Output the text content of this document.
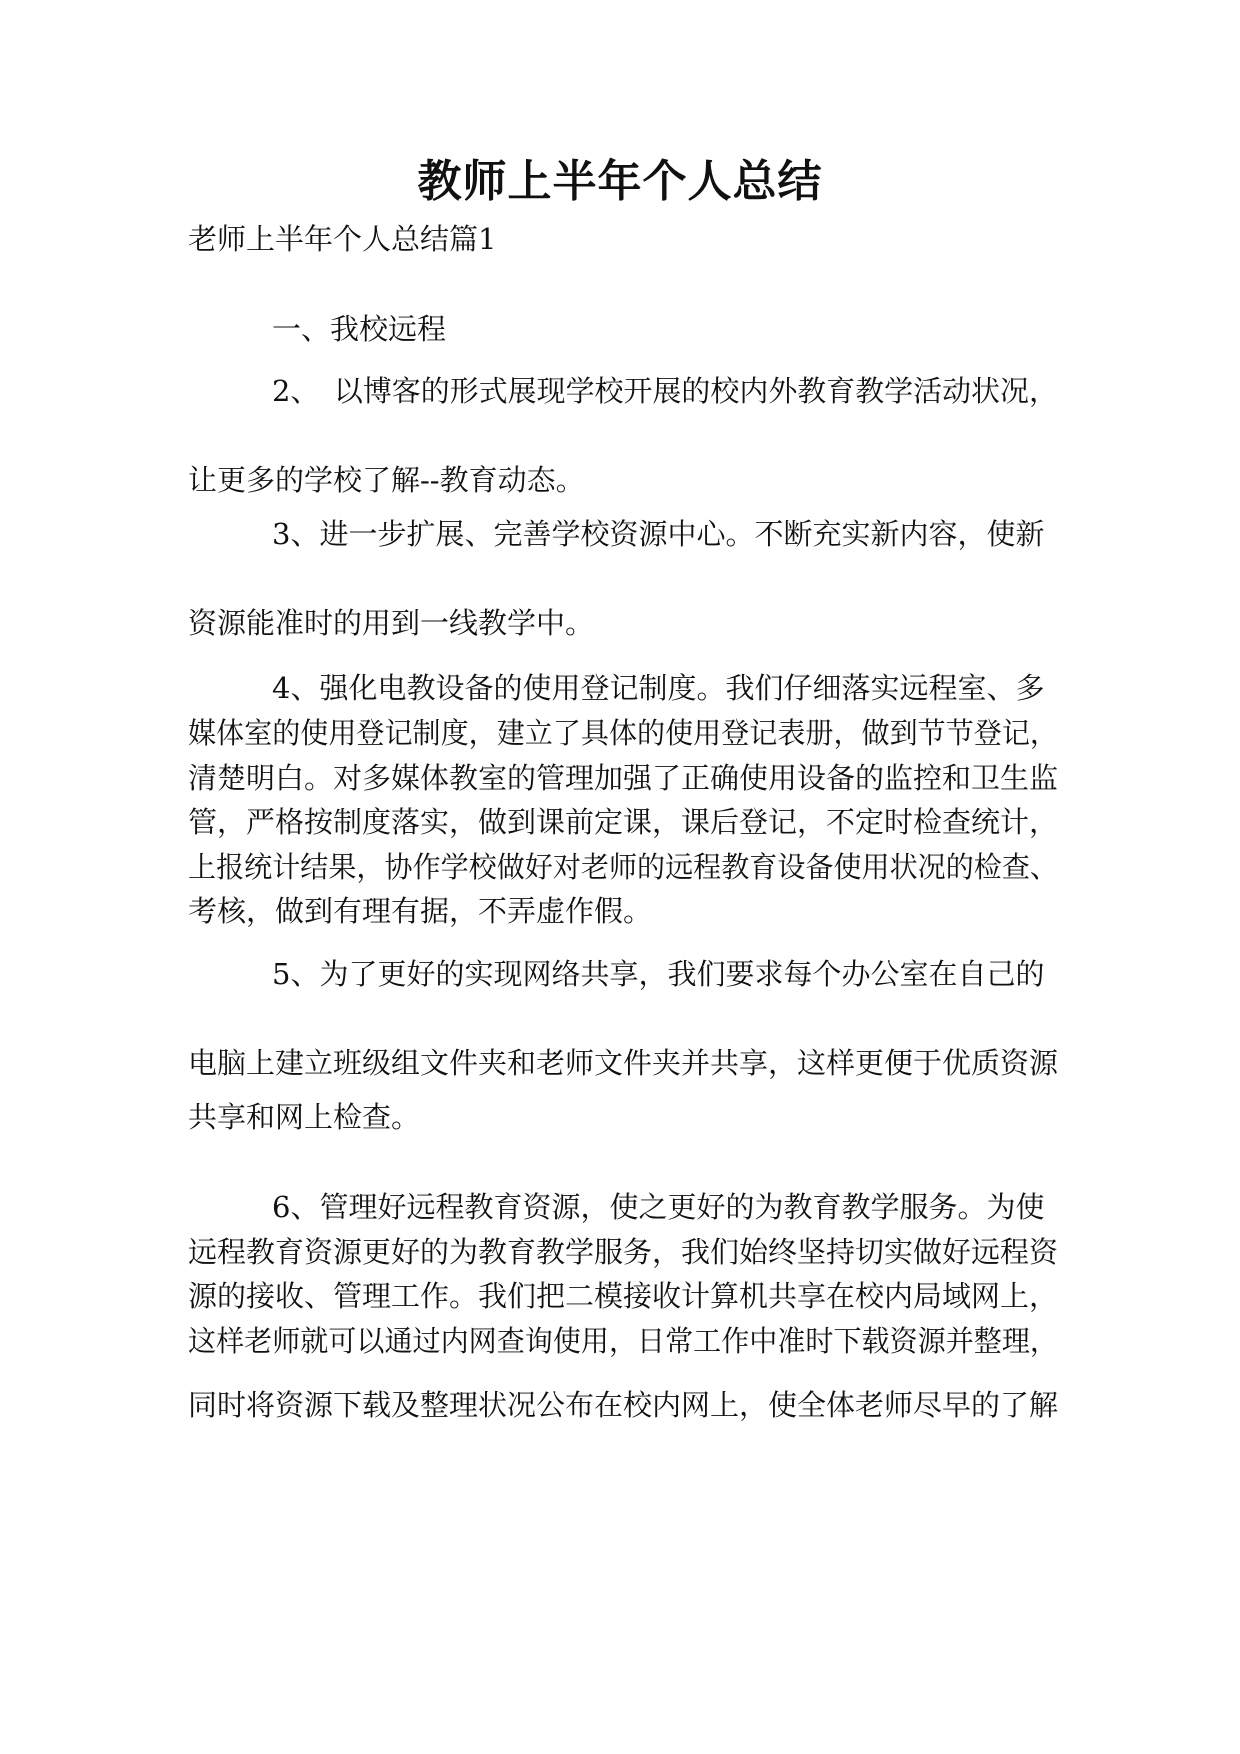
教师上半年个人总结
老师上半年个人总结篇1
一、我校远程
2、　以博客的形式展现学校开展的校内外教育教学活动状况，
让更多的学校了解--教育动态。
3、进一步扩展、完善学校资源中心。不断充实新内容，使新
资源能准时的用到一线教学中。
4、强化电教设备的使用登记制度。我们仔细落实远程室、多
媒体室的使用登记制度，建立了具体的使用登记表册，做到节节登记，
清楚明白。对多媒体教室的管理加强了正确使用设备的监控和卫生监
管，严格按制度落实，做到课前定课，课后登记，不定时检查统计，
上报统计结果，协作学校做好对老师的远程教育设备使用状况的检查、
考核，做到有理有据，不弄虚作假。
5、为了更好的实现网络共享，我们要求每个办公室在自己的
电脑上建立班级组文件夹和老师文件夹并共享，这样更便于优质资源
共享和网上检查。
6、管理好远程教育资源，使之更好的为教育教学服务。为使
远程教育资源更好的为教育教学服务，我们始终坚持切实做好远程资
源的接收、管理工作。我们把二模接收计算机共享在校内局域网上，
这样老师就可以通过内网查询使用，日常工作中准时下载资源并整理，
同时将资源下载及整理状况公布在校内网上，使全体老师尽早的了解
